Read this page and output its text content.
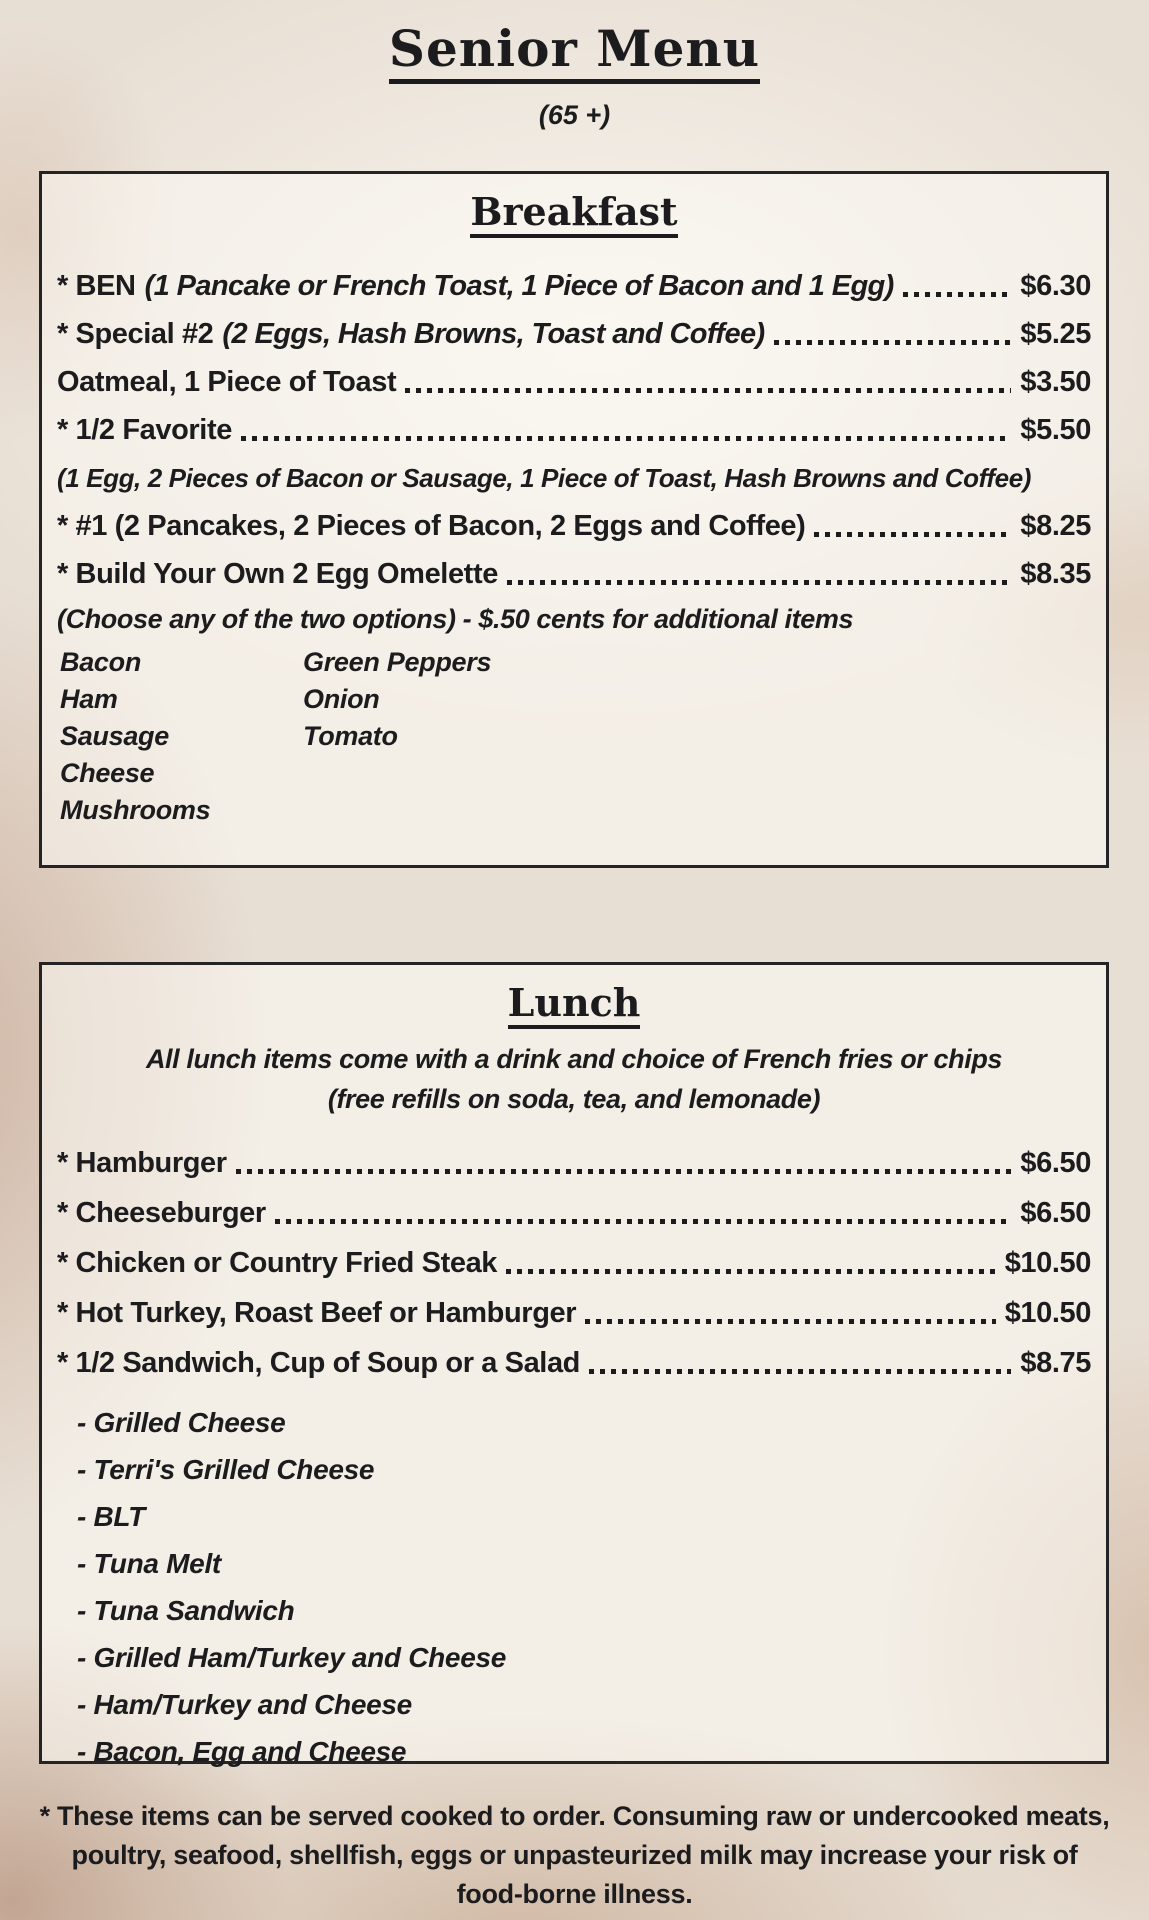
Senior Menu
(65 +)
Breakfast
* BEN (1 Pancake or French Toast, 1 Piece of Bacon and 1 Egg)	$6.30
* Special #2 (2 Eggs, Hash Browns, Toast and Coffee)	$5.25
Oatmeal, 1 Piece of Toast	$3.50
* 1/2 Favorite	$5.50
(1 Egg, 2 Pieces of Bacon or Sausage, 1 Piece of Toast, Hash Browns and Coffee)
* #1 (2 Pancakes, 2 Pieces of Bacon, 2 Eggs and Coffee)	$8.25
* Build Your Own 2 Egg Omelette	$8.35
(Choose any of the two options) - $.50 cents for additional items
Bacon
Ham
Sausage
Cheese
Mushrooms
Green Peppers
Onion
Tomato
Lunch
All lunch items come with a drink and choice of French fries or chips
(free refills on soda, tea, and lemonade)
* Hamburger	$6.50
* Cheeseburger	$6.50
* Chicken or Country Fried Steak	$10.50
* Hot Turkey, Roast Beef or Hamburger	$10.50
* 1/2 Sandwich, Cup of Soup or a Salad	$8.75
- Grilled Cheese
- Terri's Grilled Cheese
- BLT
- Tuna Melt
- Tuna Sandwich
- Grilled Ham/Turkey and Cheese
- Ham/Turkey and Cheese
- Bacon, Egg and Cheese
* These items can be served cooked to order. Consuming raw or undercooked meats,
poultry, seafood, shellfish, eggs or unpasteurized milk may increase your risk of
food-borne illness.
